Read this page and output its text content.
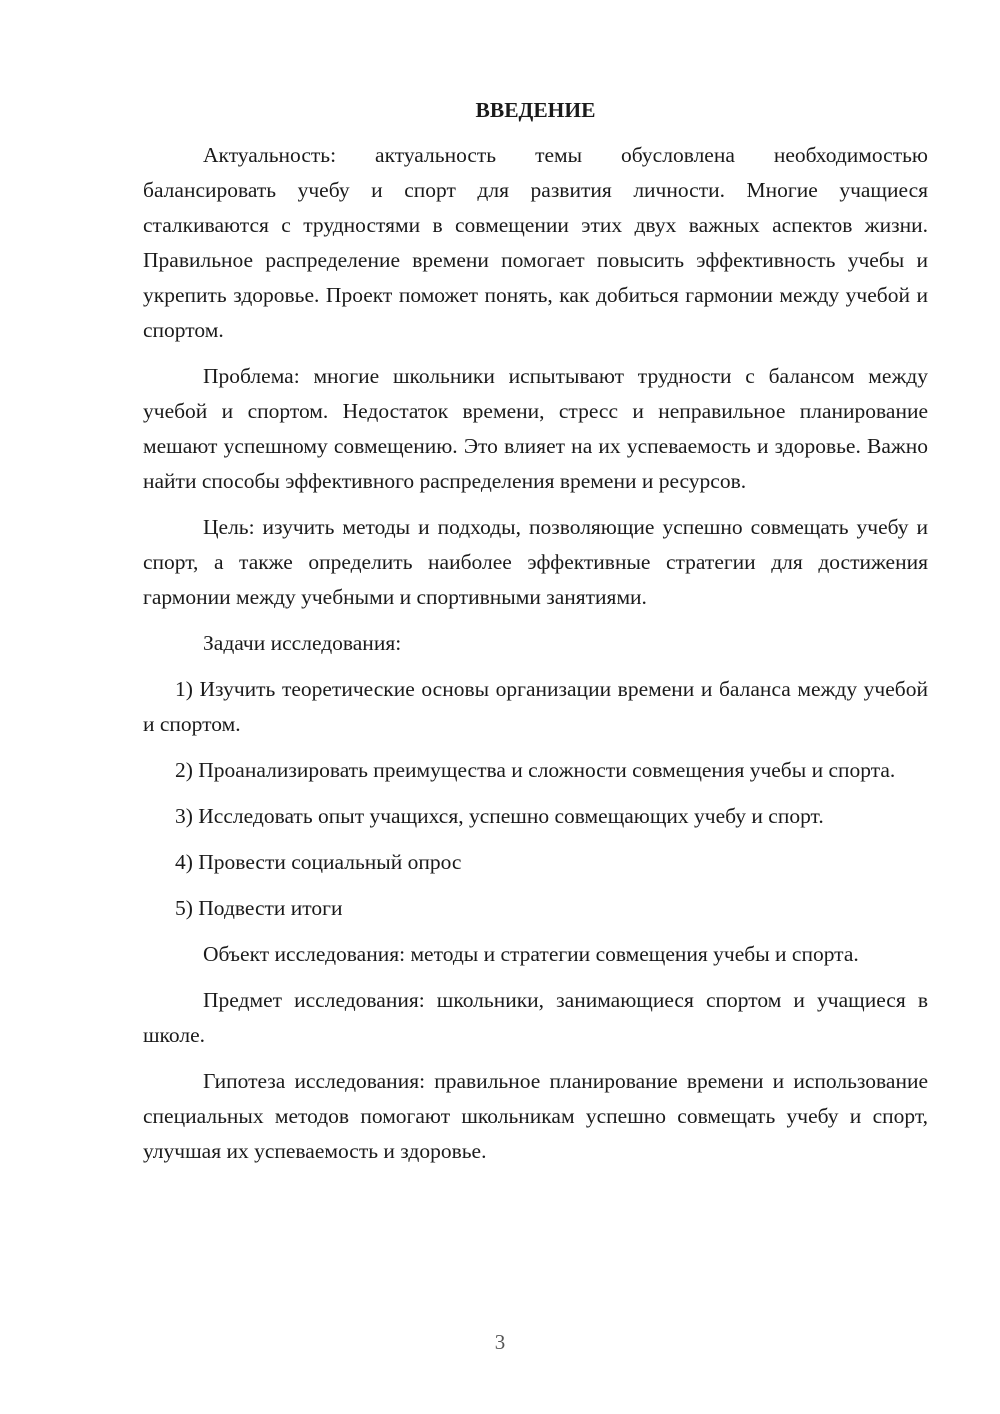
ВВЕДЕНИЕ

Актуальность: актуальность темы обусловлена необходимостью балансировать учебу и спорт для развития личности. Многие учащиеся сталкиваются с трудностями в совмещении этих двух важных аспектов жизни. Правильное распределение времени помогает повысить эффективность учебы и укрепить здоровье. Проект поможет понять, как добиться гармонии между учебой и спортом.

Проблема: многие школьники испытывают трудности с балансом между учебой и спортом. Недостаток времени, стресс и неправильное планирование мешают успешному совмещению. Это влияет на их успеваемость и здоровье. Важно найти способы эффективного распределения времени и ресурсов.

Цель: изучить методы и подходы, позволяющие успешно совмещать учебу и спорт, а также определить наиболее эффективные стратегии для достижения гармонии между учебными и спортивными занятиями.

Задачи исследования:

1) Изучить теоретические основы организации времени и баланса между учебой и спортом.

2) Проанализировать преимущества и сложности совмещения учебы и спорта.

3) Исследовать опыт учащихся, успешно совмещающих учебу и спорт.

4) Провести социальный опрос

5) Подвести итоги

Объект исследования: методы и стратегии совмещения учебы и спорта.

Предмет исследования: школьники, занимающиеся спортом и учащиеся в школе.

Гипотеза исследования: правильное планирование времени и использование специальных методов помогают школьникам успешно совмещать учебу и спорт, улучшая их успеваемость и здоровье.

3
